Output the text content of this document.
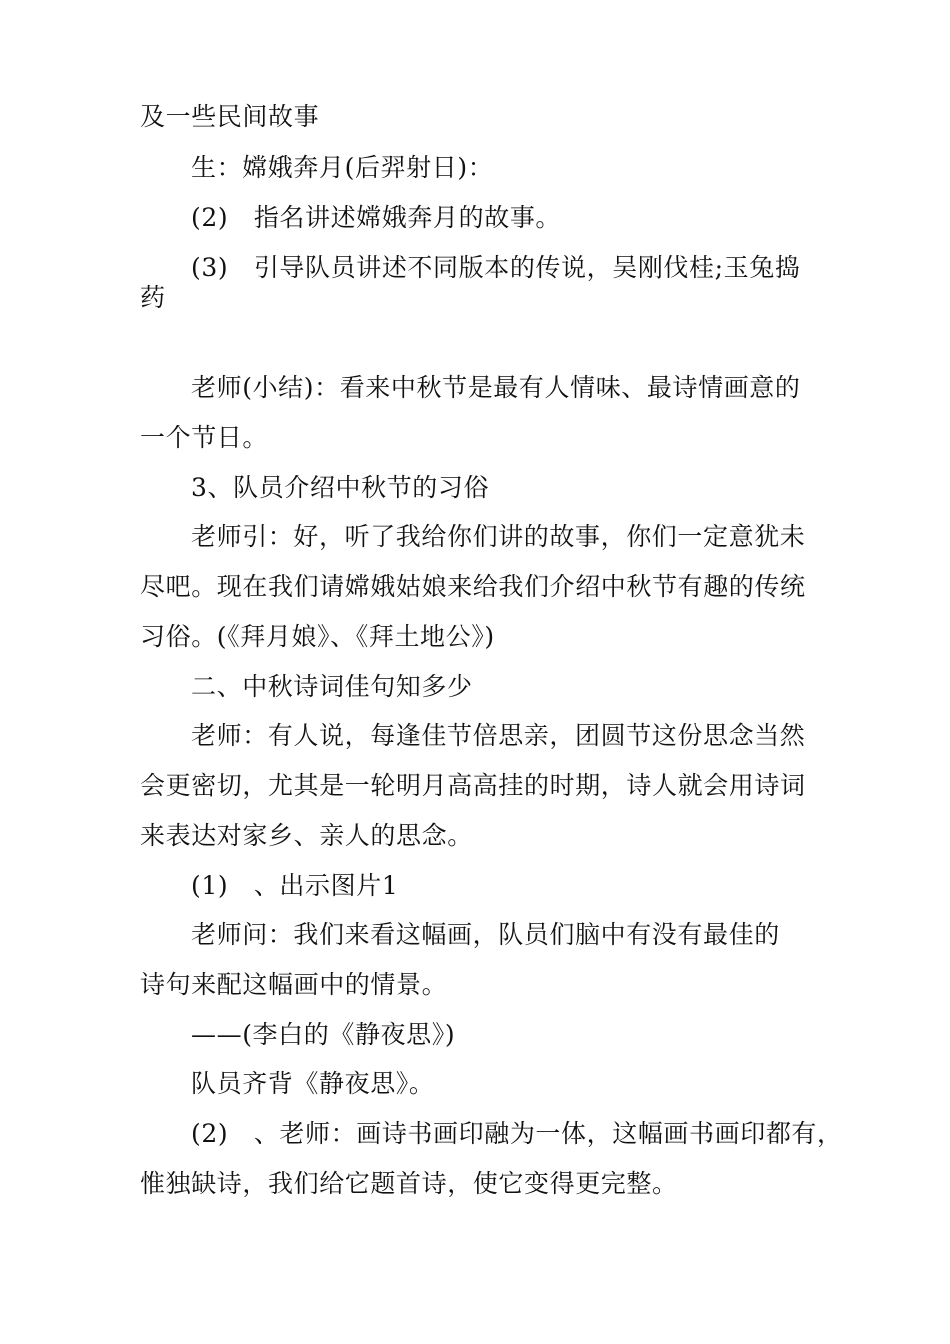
及一些民间故事
生：嫦娥奔月(后羿射日)：
(2)　指名讲述嫦娥奔月的故事。
(3)　引导队员讲述不同版本的传说，吴刚伐桂;玉兔捣
药
老师(小结)：看来中秋节是最有人情味、最诗情画意的
一个节日。
3、队员介绍中秋节的习俗
老师引：好，听了我给你们讲的故事，你们一定意犹未
尽吧。现在我们请嫦娥姑娘来给我们介绍中秋节有趣的传统
习俗。(《拜月娘》、《拜土地公》)
二、中秋诗词佳句知多少
老师：有人说，每逢佳节倍思亲，团圆节这份思念当然
会更密切，尤其是一轮明月高高挂的时期，诗人就会用诗词
来表达对家乡、亲人的思念。
(1)　、出示图片1
老师问：我们来看这幅画，队员们脑中有没有最佳的
诗句来配这幅画中的情景。
——(李白的《静夜思》)
队员齐背《静夜思》。
(2)　、老师：画诗书画印融为一体，这幅画书画印都有，
惟独缺诗，我们给它题首诗，使它变得更完整。
